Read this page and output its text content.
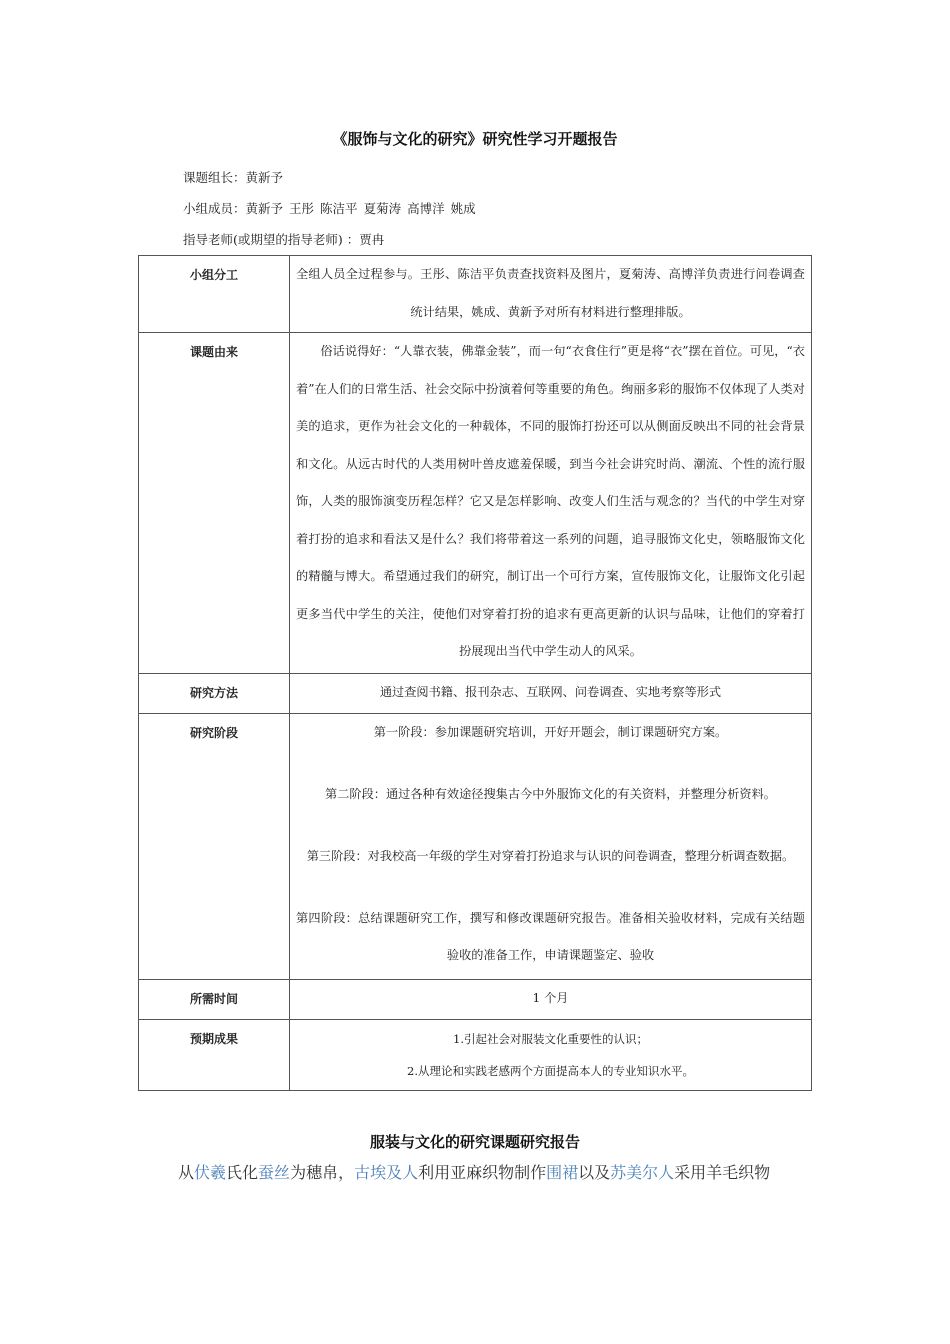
《服饰与文化的研究》研究性学习开题报告
课题组长：黄新予
小组成员：黄新予 王彤 陈洁平 夏菊涛 高博洋 姚成
指导老师(或期望的指导老师) ：贾冉
小组分工	全组人员全过程参与。王彤、陈洁平负责查找资料及图片，夏菊涛、高博洋负责进行问卷调查统计结果，姚成、黄新予对所有材料进行整理排版。

课题由来	俗话说得好：“人靠衣装，佛靠金装”，而一句“衣食住行”更是将“衣”摆在首位。可见，“衣着”在人们的日常生活、社会交际中扮演着何等重要的角色。绚丽多彩的服饰不仅体现了人类对美的追求，更作为社会文化的一种载体，不同的服饰打扮还可以从侧面反映出不同的社会背景和文化。从远古时代的人类用树叶兽皮遮羞保暖，到当今社会讲究时尚、潮流、个性的流行服饰，人类的服饰演变历程怎样？它又是怎样影响、改变人们生活与观念的？当代的中学生对穿着打扮的追求和看法又是什么？我们将带着这一系列的问题，追寻服饰文化史，领略服饰文化的精髓与博大。希望通过我们的研究，制订出一个可行方案，宣传服饰文化，让服饰文化引起更多当代中学生的关注，使他们对穿着打扮的追求有更高更新的认识与品味，让他们的穿着打扮展现出当代中学生动人的风采。

研究方法	通过查阅书籍、报刊杂志、互联网、问卷调查、实地考察等形式

研究阶段	第一阶段：参加课题研究培训，开好开题会，制订课题研究方案。

第二阶段：通过各种有效途径搜集古今中外服饰文化的有关资料，并整理分析资料。

第三阶段：对我校高一年级的学生对穿着打扮追求与认识的问卷调查，整理分析调查数据。

第四阶段：总结课题研究工作，撰写和修改课题研究报告。准备相关验收材料，完成有关结题验收的准备工作，申请课题鉴定、验收

所需时间	1 个月

预期成果	1.引起社会对服装文化重要性的认识；
2.从理论和实践老感两个方面提高本人的专业知识水平。
服装与文化的研究课题研究报告
从伏羲氏化蚕丝为穗帛，古埃及人利用亚麻织物制作围裙以及苏美尔人采用羊毛织物
